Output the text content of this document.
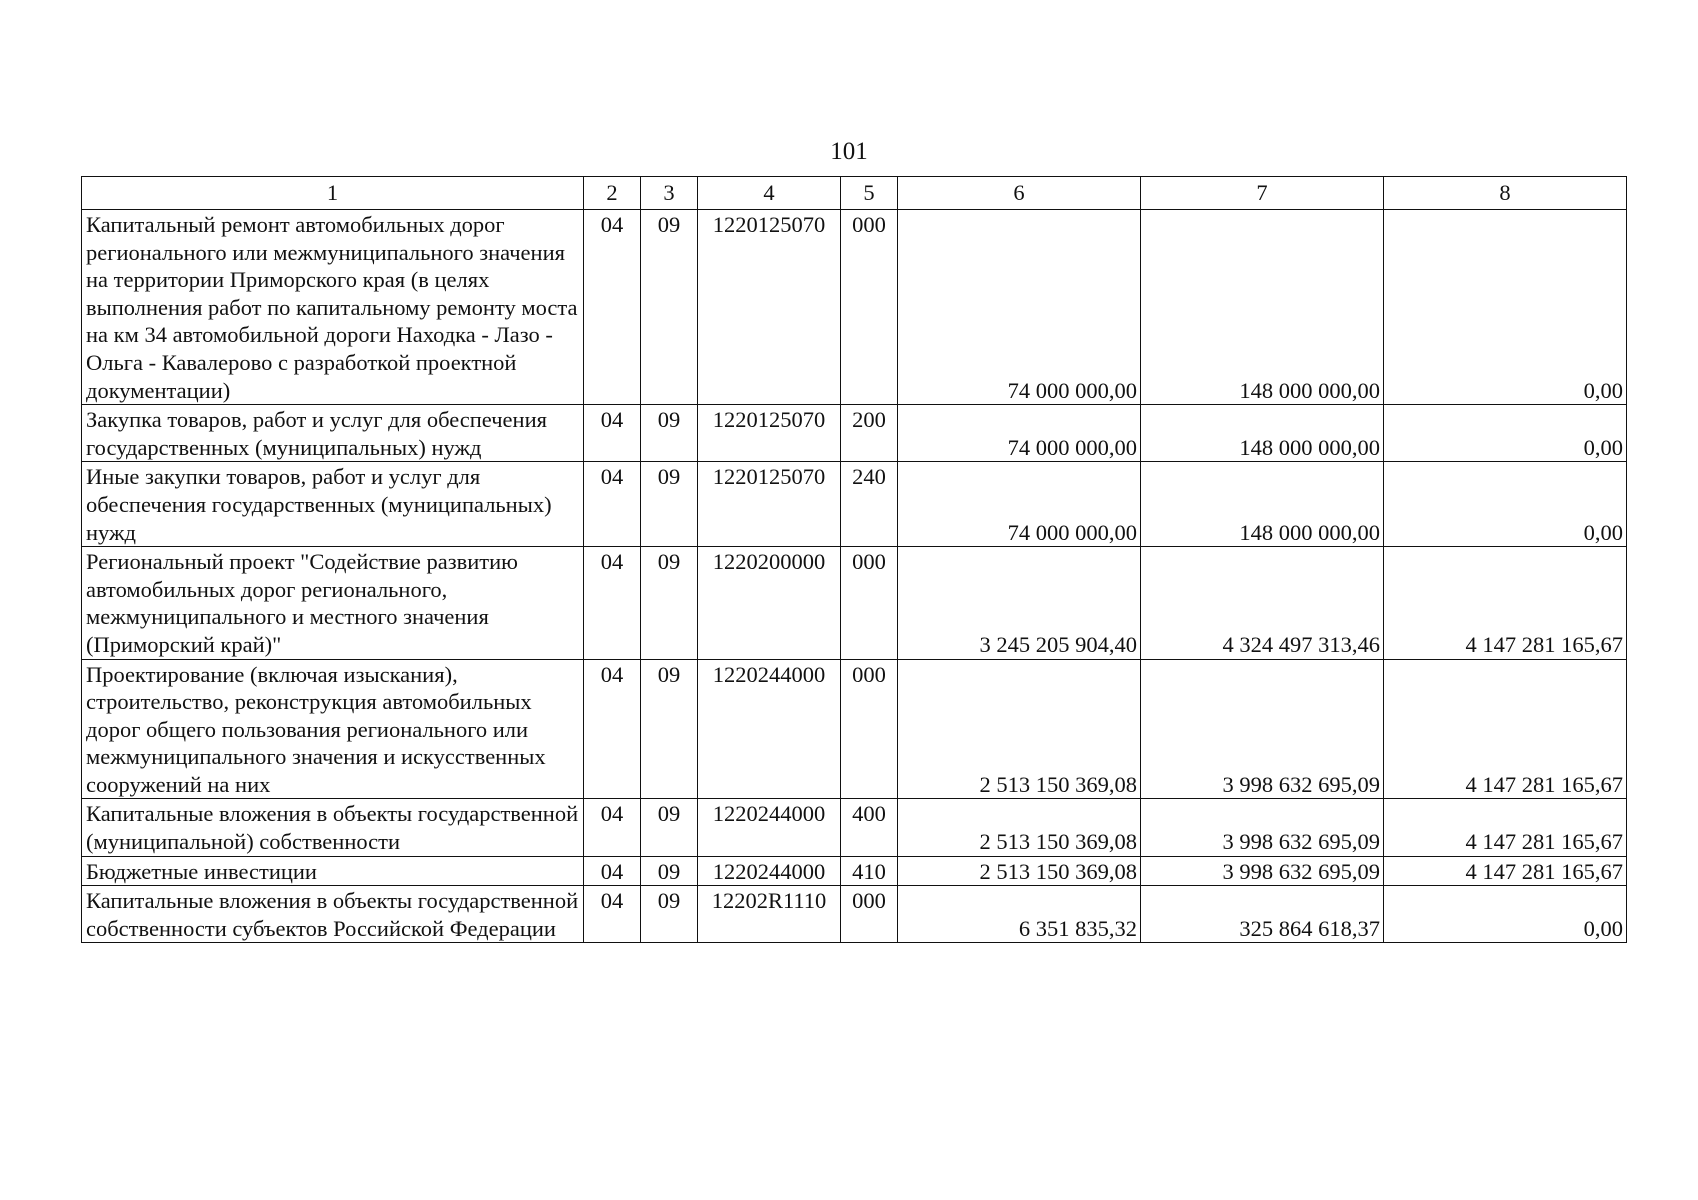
101
1	2	3	4	5	6	7	8
Капитальный ремонт автомобильных дорог регионального или межмуниципального значения на территории Приморского края (в целях выполнения работ по капитальному ремонту моста на км 34 автомобильной дороги Находка - Лазо - Ольга - Кавалерово с разработкой проектной документации)	04	09	1220125070	000	74 000 000,00	148 000 000,00	0,00
Закупка товаров, работ и услуг для обеспечения государственных (муниципальных) нужд	04	09	1220125070	200	74 000 000,00	148 000 000,00	0,00
Иные закупки товаров, работ и услуг для обеспечения государственных (муниципальных) нужд	04	09	1220125070	240	74 000 000,00	148 000 000,00	0,00
Региональный проект "Содействие развитию автомобильных дорог регионального, межмуниципального и местного значения (Приморский край)"	04	09	1220200000	000	3 245 205 904,40	4 324 497 313,46	4 147 281 165,67
Проектирование (включая изыскания), строительство, реконструкция автомобильных дорог общего пользования регионального или межмуниципального значения и искусственных сооружений на них	04	09	1220244000	000	2 513 150 369,08	3 998 632 695,09	4 147 281 165,67
Капитальные вложения в объекты государственной (муниципальной) собственности	04	09	1220244000	400	2 513 150 369,08	3 998 632 695,09	4 147 281 165,67
Бюджетные инвестиции	04	09	1220244000	410	2 513 150 369,08	3 998 632 695,09	4 147 281 165,67
Капитальные вложения в объекты государственной собственности субъектов Российской Федерации	04	09	12202R1110	000	6 351 835,32	325 864 618,37	0,00
